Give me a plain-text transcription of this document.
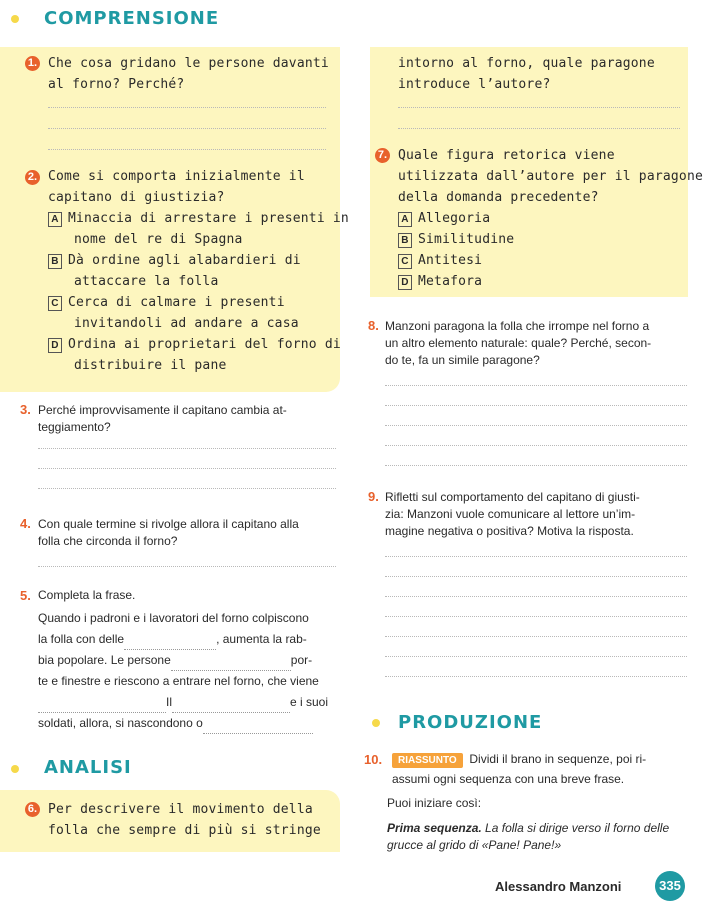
COMPRENSIONE
1. Che cosa gridano le persone davanti
al forno? Perché?
2. Come si comporta inizialmente il
capitano di giustizia?
A Minaccia di arrestare i presenti in
nome del re di Spagna
B Dà ordine agli alabardieri di
attaccare la folla
C Cerca di calmare i presenti
invitandoli ad andare a casa
D Ordina ai proprietari del forno di
distribuire il pane
intorno al forno, quale paragone
introduce l’autore?
7. Quale figura retorica viene
utilizzata dall’autore per il paragone
della domanda precedente?
A Allegoria
B Similitudine
C Antitesi
D Metafora
8. Manzoni paragona la folla che irrompe nel forno a
un altro elemento naturale: quale? Perché, secon-
do te, fa un simile paragone?
3. Perché improvvisamente il capitano cambia at-
teggiamento?
9. Rifletti sul comportamento del capitano di giusti-
zia: Manzoni vuole comunicare al lettore un’im-
magine negativa o positiva? Motiva la risposta.
4. Con quale termine si rivolge allora il capitano alla
folla che circonda il forno?
5. Completa la frase.
Quando i padroni e i lavoratori del forno colpiscono
la folla con delle	, aumenta la rab-
bia popolare. Le persone	por-
te e finestre e riescono a entrare nel forno, che viene
Il	e i suoi
soldati, allora, si nascondono o	PRODUZIONE
ANALISI
6. Per descrivere il movimento della
folla che sempre di più si stringe
10.	RIASSUNTO Dividi il brano in sequenze, poi ri-
assumi ogni sequenza con una breve frase.
Puoi iniziare così:
Prima sequenza. La folla si dirige verso il forno delle
grucce al grido di «Pane! Pane!»
Alessandro Manzoni	335
